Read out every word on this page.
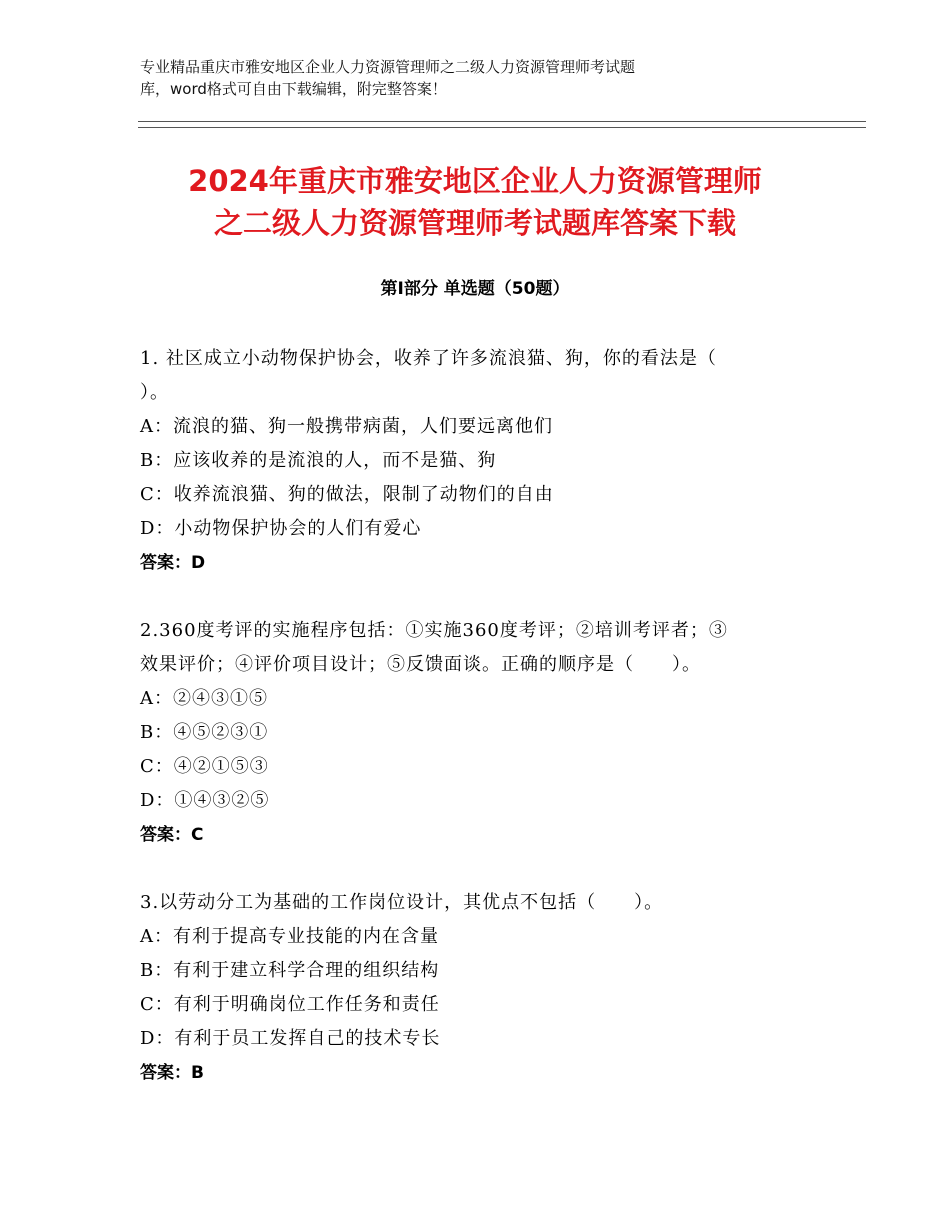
专业精品重庆市雅安地区企业人力资源管理师之二级人力资源管理师考试题
库，word格式可自由下载编辑，附完整答案！
2024年重庆市雅安地区企业人力资源管理师
之二级人力资源管理师考试题库答案下载
第Ⅰ部分 单选题（50题）
1. 社区成立小动物保护协会，收养了许多流浪猫、狗，你的看法是（
）。
A：流浪的猫、狗一般携带病菌，人们要远离他们
B：应该收养的是流浪的人，而不是猫、狗
C：收养流浪猫、狗的做法，限制了动物们的自由
D：小动物保护协会的人们有爱心
答案：D
2.360度考评的实施程序包括：①实施360度考评；②培训考评者；③
效果评价；④评价项目设计；⑤反馈面谈。正确的顺序是（　　）。
A：②④③①⑤
B：④⑤②③①
C：④②①⑤③
D：①④③②⑤
答案：C
3.以劳动分工为基础的工作岗位设计，其优点不包括（　　）。
A：有利于提高专业技能的内在含量
B：有利于建立科学合理的组织结构
C：有利于明确岗位工作任务和责任
D：有利于员工发挥自己的技术专长
答案：B
